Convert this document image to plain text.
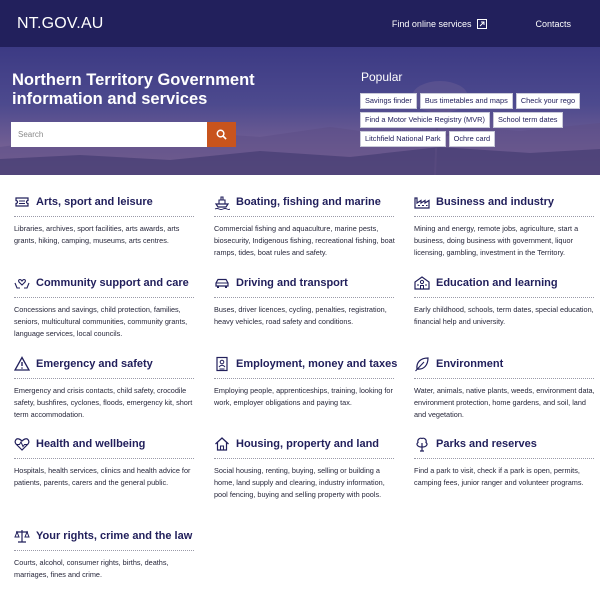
NT.GOV.AU	Find online services	Contacts
Northern Territory Government information and services
Search
Popular
Savings finder	Bus timetables and maps	Check your rego
Find a Motor Vehicle Registry (MVR)	School term dates
Litchfield National Park	Ochre card
Arts, sport and leisure
Libraries, archives, sport facilities, arts awards, arts grants, hiking, camping, museums, arts centres.
Boating, fishing and marine
Commercial fishing and aquaculture, marine pests, biosecurity, Indigenous fishing, recreational fishing, boat ramps, tides, boat rules and safety.
Business and industry
Mining and energy, remote jobs, agriculture, start a business, doing business with government, liquor licensing, gambling, investment in the Territory.
Community support and care
Concessions and savings, child protection, families, seniors, multicultural communities, community grants, language services, local councils.
Driving and transport
Buses, driver licences, cycling, penalties, registration, heavy vehicles, road safety and conditions.
Education and learning
Early childhood, schools, term dates, special education, financial help and university.
Emergency and safety
Emergency and crisis contacts, child safety, crocodile safety, bushfires, cyclones, floods, emergency kit, short term accommodation.
Employment, money and taxes
Employing people, apprenticeships, training, looking for work, employer obligations and paying tax.
Environment
Water, animals, native plants, weeds, environment data, environment protection, home gardens, and soil, land and vegetation.
Health and wellbeing
Hospitals, health services, clinics and health advice for patients, parents, carers and the general public.
Housing, property and land
Social housing, renting, buying, selling or building a home, land supply and clearing, industry information, pool fencing, buying and selling property with pools.
Parks and reserves
Find a park to visit, check if a park is open, permits, camping fees, junior ranger and volunteer programs.
Your rights, crime and the law
Courts, alcohol, consumer rights, births, deaths, marriages, fines and crime.
